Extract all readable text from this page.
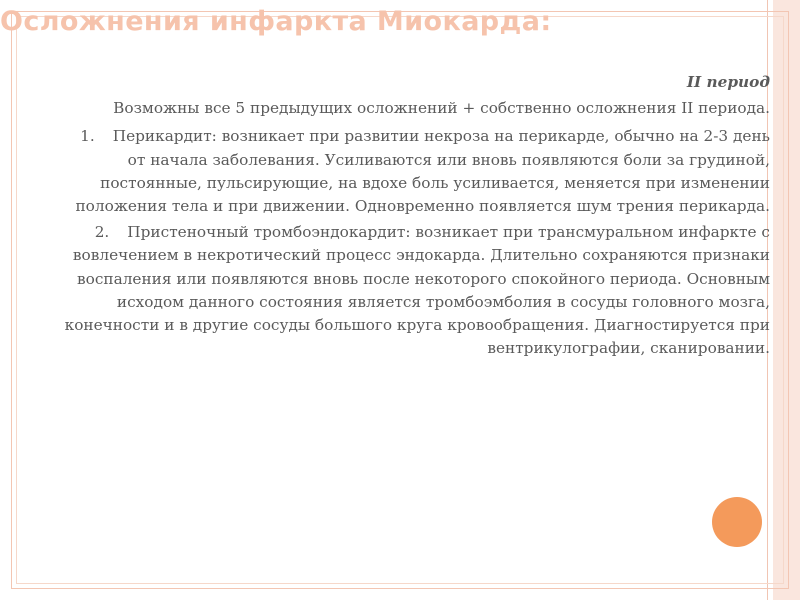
Осложнения инфаркта Миокарда:
II период
Возможны все 5 предыдущих осложнений + собственно осложнения II периода.
1. Перикардит: возникает при развитии некроза на перикарде, обычно на 2-3 день от начала заболевания. Усиливаются или вновь появляются боли за грудиной, постоянные, пульсирующие, на вдохе боль усиливается, меняется при изменении положения тела и при движении. Одновременно появляется шум трения перикарда.
2. Пристеночный тромбоэндокардит: возникает при трансмуральном инфаркте с вовлечением в некротический процесс эндокарда. Длительно сохраняются признаки воспаления или появляются вновь после некоторого спокойного периода. Основным исходом данного состояния является тромбоэмболия в сосуды головного мозга, конечности и в другие сосуды большого круга кровообращения. Диагностируется при вентрикулографии, сканировании.
